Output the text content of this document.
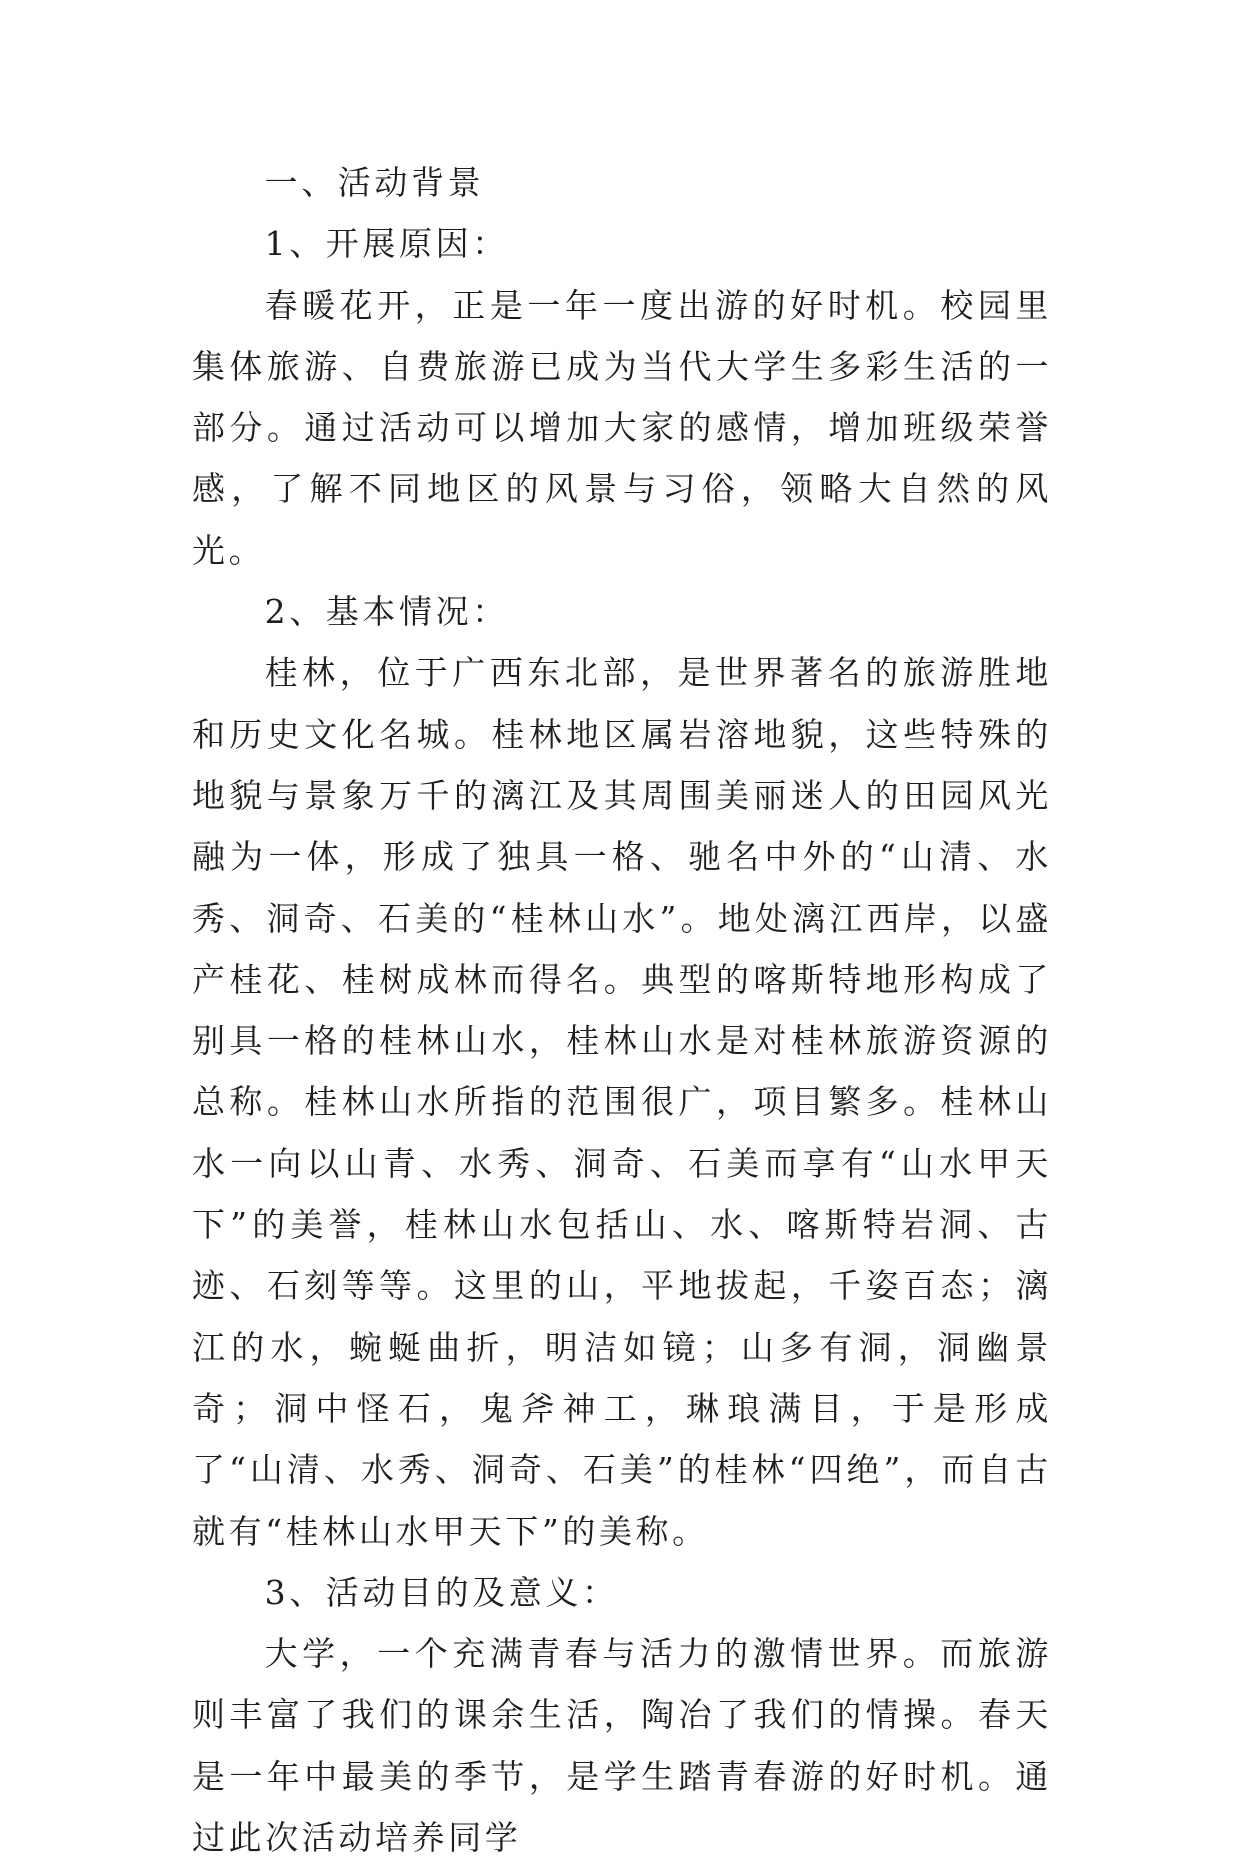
一、活动背景

1、开展原因：

春暖花开，正是一年一度出游的好时机。校园里集体旅游、自费旅游已成为当代大学生多彩生活的一部分。通过活动可以增加大家的感情，增加班级荣誉感，了解不同地区的风景与习俗，领略大自然的风光。

2、基本情况：

桂林，位于广西东北部，是世界著名的旅游胜地和历史文化名城。桂林地区属岩溶地貌，这些特殊的地貌与景象万千的漓江及其周围美丽迷人的田园风光融为一体，形成了独具一格、驰名中外的“山清、水秀、洞奇、石美的“桂林山水”。地处漓江西岸，以盛产桂花、桂树成林而得名。典型的喀斯特地形构成了别具一格的桂林山水，桂林山水是对桂林旅游资源的总称。桂林山水所指的范围很广，项目繁多。桂林山水一向以山青、水秀、洞奇、石美而享有“山水甲天下”的美誉，桂林山水包括山、水、喀斯特岩洞、古迹、石刻等等。这里的山，平地拔起，千姿百态；漓江的水，蜿蜒曲折，明洁如镜；山多有洞，洞幽景奇；洞中怪石，鬼斧神工，琳琅满目，于是形成了“山清、水秀、洞奇、石美”的桂林“四绝”，而自古就有“桂林山水甲天下”的美称。

3、活动目的及意义：

大学，一个充满青春与活力的激情世界。而旅游则丰富了我们的课余生活，陶冶了我们的情操。春天是一年中最美的季节，是学生踏青春游的好时机。通过此次活动培养同学
